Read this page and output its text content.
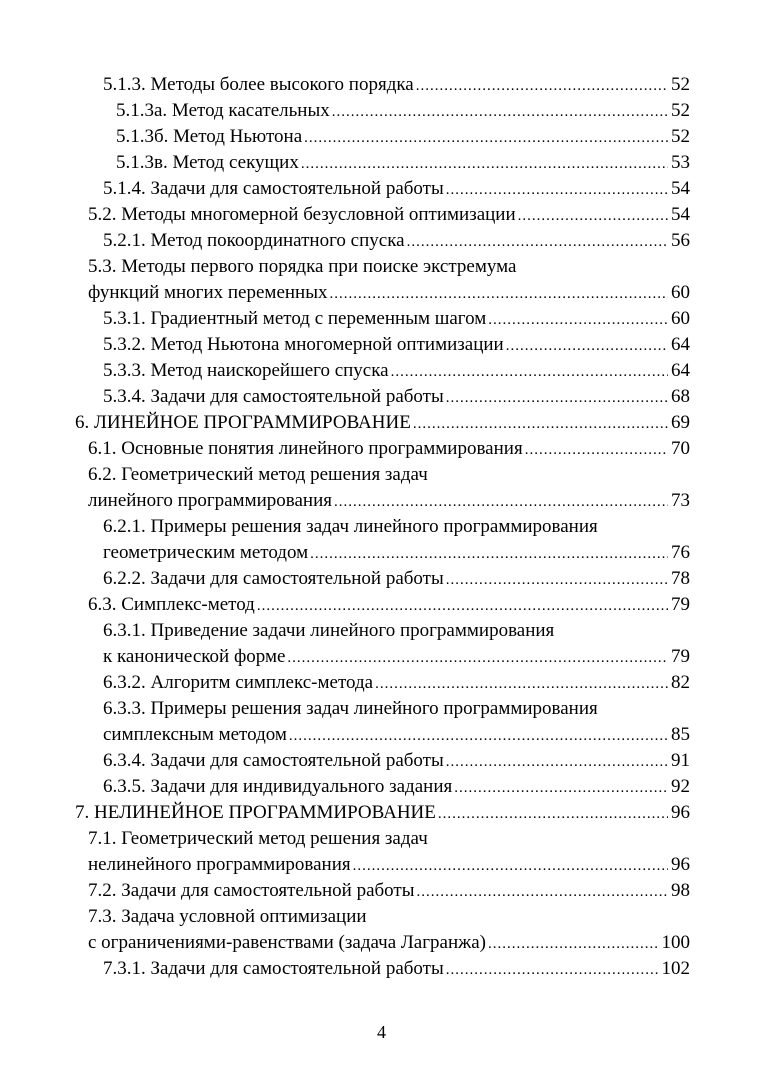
5.1.3. Методы более высокого порядка .....	52
5.1.3а. Метод касательных .....	52
5.1.3б. Метод Ньютона .....	52
5.1.3в. Метод секущих .....	53
5.1.4. Задачи для самостоятельной работы .....	54
5.2. Методы многомерной безусловной оптимизации .....	54
5.2.1. Метод покоординатного спуска .....	56
5.3. Методы первого порядка при поиске экстремума
функций многих переменных .....	60
5.3.1. Градиентный метод с переменным шагом .....	60
5.3.2. Метод Ньютона многомерной оптимизации .....	64
5.3.3. Метод наискорейшего спуска .....	64
5.3.4. Задачи для самостоятельной работы .....	68
6. ЛИНЕЙНОЕ ПРОГРАММИРОВАНИЕ .....	69
6.1. Основные понятия линейного программирования .....	70
6.2. Геометрический метод решения задач
линейного программирования .....	73
6.2.1. Примеры решения задач линейного программирования
геометрическим методом .....	76
6.2.2. Задачи для самостоятельной работы .....	78
6.3. Симплекс-метод .....	79
6.3.1. Приведение задачи линейного программирования
к канонической форме .....	79
6.3.2. Алгоритм симплекс-метода .....	82
6.3.3. Примеры решения задач линейного программирования
симплексным методом .....	85
6.3.4. Задачи для самостоятельной работы .....	91
6.3.5. Задачи для индивидуального задания .....	92
7. НЕЛИНЕЙНОЕ ПРОГРАММИРОВАНИЕ .....	96
7.1. Геометрический метод решения задач
нелинейного программирования .....	96
7.2. Задачи для самостоятельной работы .....	98
7.3. Задача условной оптимизации
с ограничениями-равенствами (задача Лагранжа) .....	100
7.3.1. Задачи для самостоятельной работы .....	102
4
